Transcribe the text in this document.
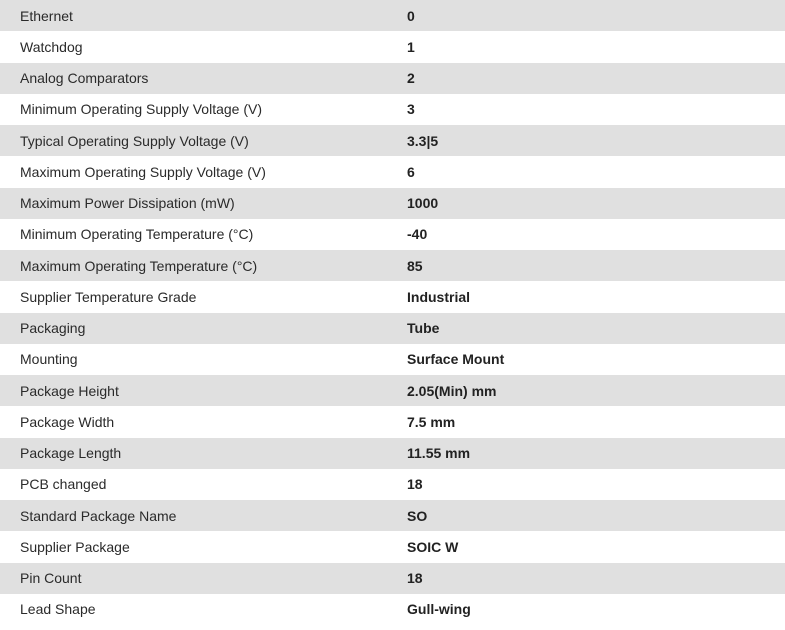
Ethernet	0
Watchdog	1
Analog Comparators	2
Minimum Operating Supply Voltage (V)	3
Typical Operating Supply Voltage (V)	3.3|5
Maximum Operating Supply Voltage (V)	6
Maximum Power Dissipation (mW)	1000
Minimum Operating Temperature (°C)	-40
Maximum Operating Temperature (°C)	85
Supplier Temperature Grade	Industrial
Packaging	Tube
Mounting	Surface Mount
Package Height	2.05(Min) mm
Package Width	7.5 mm
Package Length	11.55 mm
PCB changed	18
Standard Package Name	SO
Supplier Package	SOIC W
Pin Count	18
Lead Shape	Gull-wing
